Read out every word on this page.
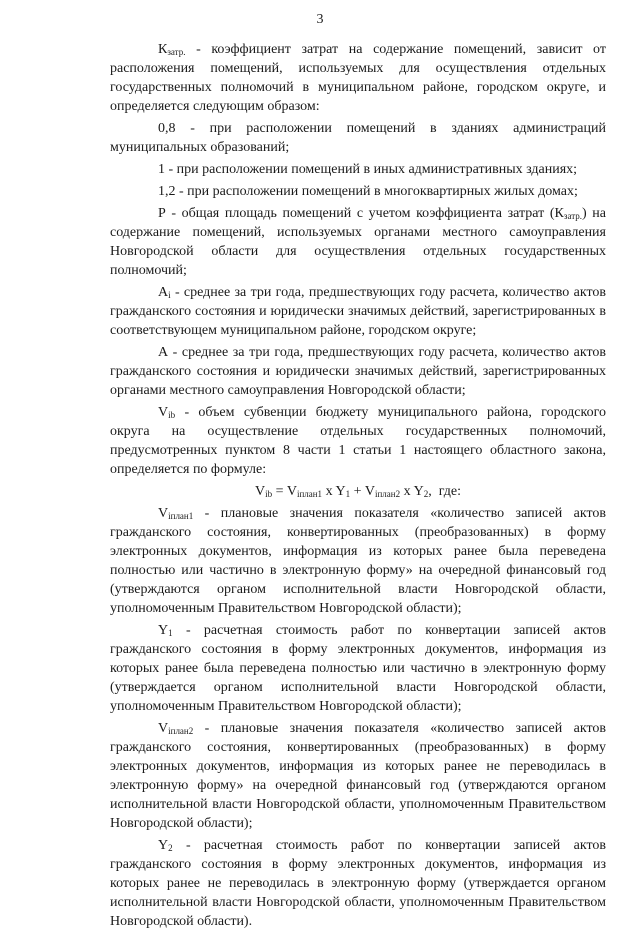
3

$К_{затр.}$ - коэффициент затрат на содержание помещений, зависит от расположения помещений, используемых для осуществления отдельных государственных полномочий в муниципальном районе, городском округе, и определяется следующим образом:

0,8 - при расположении помещений в зданиях администраций муниципальных образований;

1 - при расположении помещений в иных административных зданиях;

1,2 - при расположении помещений в многоквартирных жилых домах;

Р - общая площадь помещений с учетом коэффициента затрат $(К_{затр.})$ на содержание помещений, используемых органами местного самоуправления Новгородской области для осуществления отдельных государственных полномочий;

$А_i$ - среднее за три года, предшествующих году расчета, количество актов гражданского состояния и юридически значимых действий, зарегистрированных в соответствующем муниципальном районе, городском округе;

А - среднее за три года, предшествующих году расчета, количество актов гражданского состояния и юридически значимых действий, зарегистрированных органами местного самоуправления Новгородской области;

$V_{ib}$ - объем субвенции бюджету муниципального района, городского округа на осуществление отдельных государственных полномочий, предусмотренных пунктом 8 части 1 статьи 1 настоящего областного закона, определяется по формуле:

$V_{ib} = V_{iплан1}$ x $Y_1 + V_{iплан2}$ x $Y_2$,  где:

$V_{iплан1}$ - плановые значения показателя «количество записей актов гражданского состояния, конвертированных (преобразованных) в форму электронных документов, информация из которых ранее была переведена полностью или частично в электронную форму» на очередной финансовый год (утверждаются органом исполнительной власти Новгородской области, уполномоченным Правительством Новгородской области);

$Y_1$ - расчетная стоимость работ по конвертации записей актов гражданского состояния в форму электронных документов, информация из которых ранее была переведена полностью или частично в электронную форму (утверждается органом исполнительной власти Новгородской области, уполномоченным Правительством Новгородской области);

$V_{iплан2}$ - плановые значения показателя «количество записей актов гражданского состояния, конвертированных (преобразованных) в форму электронных документов, информация из которых ранее не переводилась в электронную форму» на очередной финансовый год (утверждаются органом исполнительной власти Новгородской области, уполномоченным Правительством Новгородской области);

$Y_2$ - расчетная стоимость работ по конвертации записей актов гражданского состояния в форму электронных документов, информация из которых ранее не переводилась в электронную форму (утверждается органом исполнительной власти Новгородской области, уполномоченным Правительством Новгородской области).
